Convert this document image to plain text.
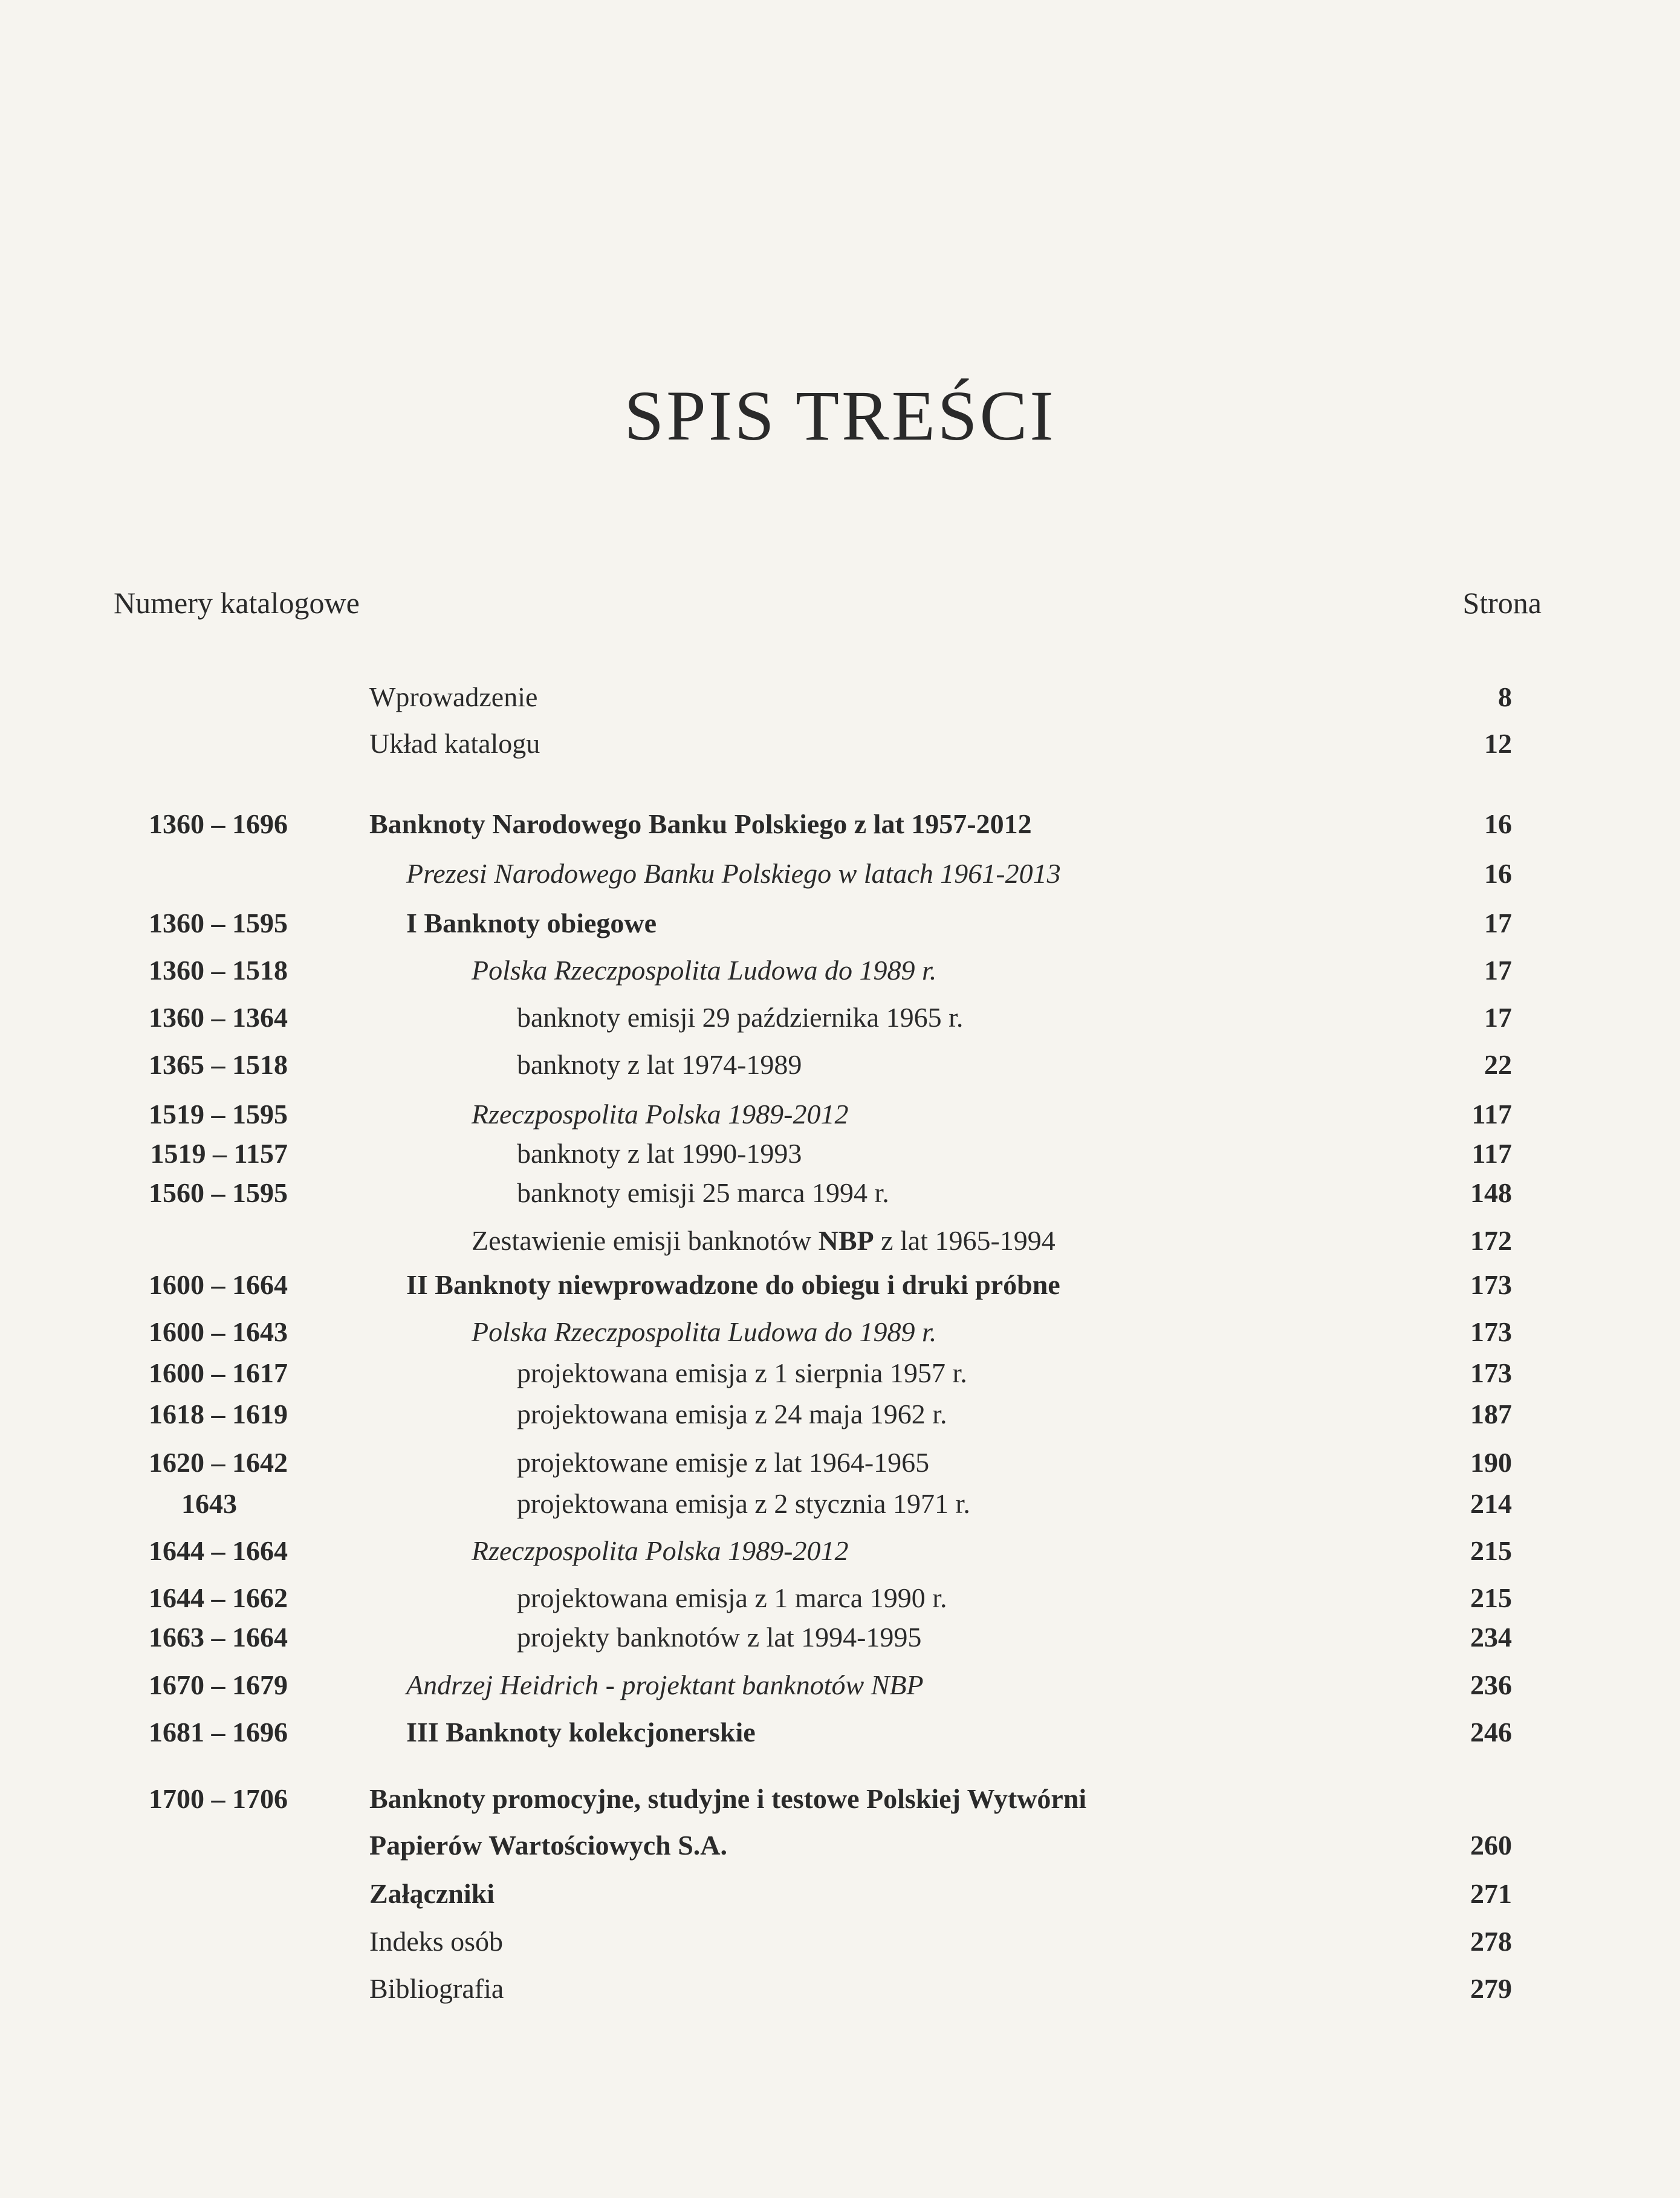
SPIS TREŚCI
Numery katalogowe	Strona
Wprowadzenie	8
Układ katalogu	12
1360 – 1696	Banknoty Narodowego Banku Polskiego z lat 1957-2012	16
Prezesi Narodowego Banku Polskiego w latach 1961-2013	16
1360 – 1595	I Banknoty obiegowe	17
1360 – 1518	Polska Rzeczpospolita Ludowa do 1989 r.	17
1360 – 1364	banknoty emisji 29 października 1965 r.	17
1365 – 1518	banknoty z lat 1974-1989	22
1519 – 1595	Rzeczpospolita Polska 1989-2012	117
1519 – 1157	banknoty z lat 1990-1993	117
1560 – 1595	banknoty emisji 25 marca 1994 r.	148
Zestawienie emisji banknotów NBP z lat 1965-1994	172
1600 – 1664	II Banknoty niewprowadzone do obiegu i druki próbne	173
1600 – 1643	Polska Rzeczpospolita Ludowa do 1989 r.	173
1600 – 1617	projektowana emisja z 1 sierpnia 1957 r.	173
1618 – 1619	projektowana emisja z 24 maja 1962 r.	187
1620 – 1642	projektowane emisje z lat 1964-1965	190
1643	projektowana emisja z 2 stycznia 1971 r.	214
1644 – 1664	Rzeczpospolita Polska 1989-2012	215
1644 – 1662	projektowana emisja z 1 marca 1990 r.	215
1663 – 1664	projekty banknotów z lat 1994-1995	234
1670 – 1679	Andrzej Heidrich - projektant banknotów NBP	236
1681 – 1696	III Banknoty kolekcjonerskie	246
1700 – 1706	Banknoty promocyjne, studyjne i testowe Polskiej Wytwórni
Papierów Wartościowych S.A.	260
Załączniki	271
Indeks osób	278
Bibliografia	279
